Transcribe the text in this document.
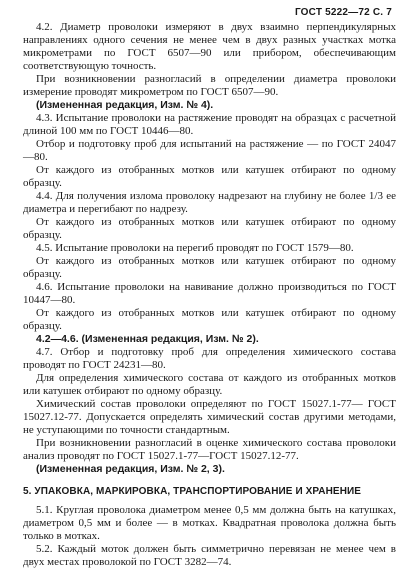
ГОСТ 5222—72 С. 7

4.2. Диаметр проволоки измеряют в двух взаимно перпендикулярных направлениях одного сечения не менее чем в двух разных участках мотка микрометрами по ГОСТ 6507—90 или прибором, обеспечивающим соответствующую точность.

При возникновении разногласий в определении диаметра проволоки измерение проводят микрометром по ГОСТ 6507—90.

(Измененная редакция, Изм. № 4).

4.3. Испытание проволоки на растяжение проводят на образцах с расчетной длиной 100 мм по ГОСТ 10446—80.

Отбор и подготовку проб для испытаний на растяжение — по ГОСТ 24047—80.

От каждого из отобранных мотков или катушек отбирают по одному образцу.

4.4. Для получения излома проволоку надрезают на глубину не более 1/3 ее диаметра и перегибают по надрезу.

От каждого из отобранных мотков или катушек отбирают по одному образцу.

4.5. Испытание проволоки на перегиб проводят по ГОСТ 1579—80.

От каждого из отобранных мотков или катушек отбирают по одному образцу.

4.6. Испытание проволоки на навивание должно производиться по ГОСТ 10447—80.

От каждого из отобранных мотков или катушек отбирают по одному образцу.

4.2—4.6. (Измененная редакция, Изм. № 2).

4.7. Отбор и подготовку проб для определения химического состава проводят по ГОСТ 24231—80.

Для определения химического состава от каждого из отобранных мотков или катушек отбирают по одному образцу.

Химический состав проволоки определяют по ГОСТ 15027.1-77— ГОСТ 15027.12-77. Допускается определять химический состав другими методами, не уступающими по точности стандартным.

При возникновении разногласий в оценке химического состава проволоки анализ проводят по ГОСТ 15027.1-77—ГОСТ 15027.12-77.

(Измененная редакция, Изм. № 2, 3).

5. УПАКОВКА, МАРКИРОВКА, ТРАНСПОРТИРОВАНИЕ И ХРАНЕНИЕ

5.1. Круглая проволока диаметром менее 0,5 мм должна быть на катушках, диаметром 0,5 мм и более — в мотках. Квадратная проволока должна быть только в мотках.

5.2. Каждый моток должен быть симметрично перевязан не менее чем в двух местах проволокой по ГОСТ 3282—74.
